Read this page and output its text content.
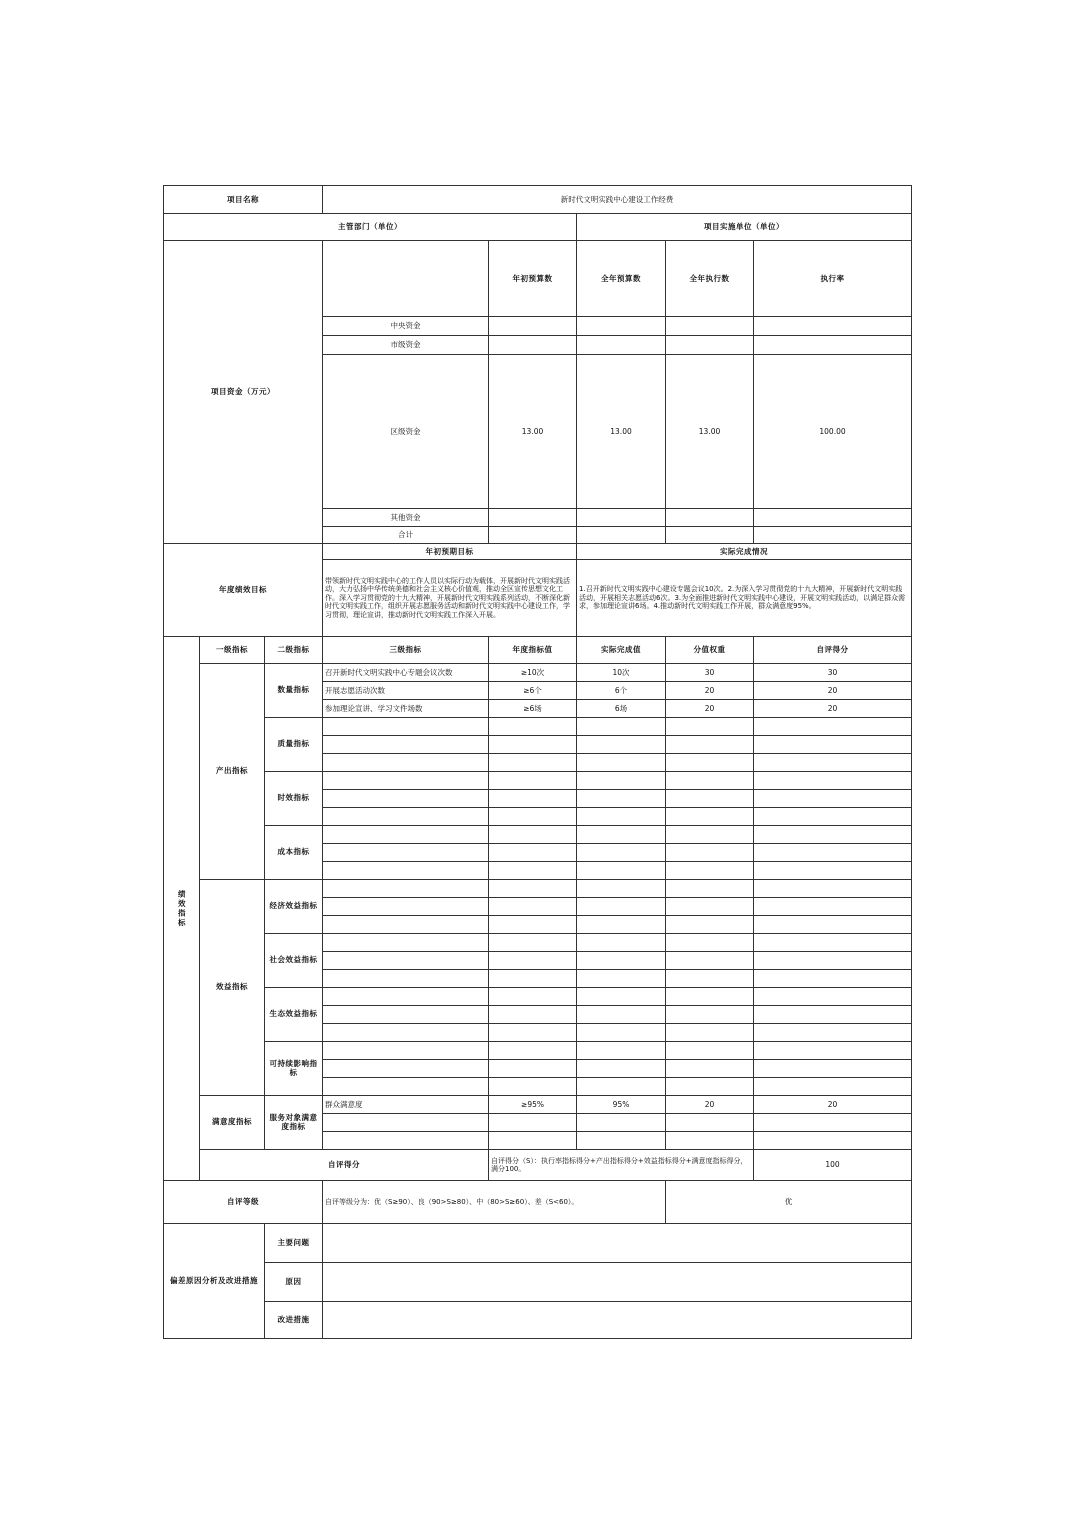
项目名称			新时代文明实践中心建设工作经费					
主管部门（单位）					项目实施单位（单位）			
项目资金（万元）				年初预算数	全年预算数	全年执行数	执行率	
			中央资金					
			市级资金					
			区级资金	13.00	13.00	13.00	100.00	
			其他资金					
			合计					
年度绩效目标			年初预期目标		实际完成情况			
			带领新时代文明实践中心的工作人员以实际行动为载体，开展新时代文明实践活动，大力弘扬中华传统美德和社会主义核心价值观，推动全区宣传思想文化工作。深入学习贯彻党的十九大精神，开展新时代文明实践系列活动，不断深化新时代文明实践工作，组织开展志愿服务活动和新时代文明实践中心建设工作，学习贯彻，理论宣讲，推动新时代文明实践工作深入开展。		1.召开新时代文明实践中心建设专题会议10次。2.为深入学习贯彻党的十九大精神，开展新时代文明实践活动，开展相关志愿活动6次。3.为全面推进新时代文明实践中心建设，开展文明实践活动，以满足群众需求，参加理论宣讲6场。4.推动新时代文明实践工作开展，群众满意度95%。			

绩效指标	一级指标	二级指标	三级指标	年度指标值	实际完成值	分值权重	自评得分	

	产出指标	数量指标	召开新时代文明实践中心专题会议次数	≥10次	10次	30	30	
			开展志愿活动次数	≥6个	6个	20	20	
			参加理论宣讲、学习文件场数	≥6场	6场	20	20	

		质量指标						

		时效指标						

		成本指标						

	效益指标	经济效益指标						

		社会效益指标						

		生态效益指标						

		可持续影响指标						

	满意度指标	服务对象满意度指标	群众满意度	≥95%	95%	20	20	

	自评得分			自评得分（S）：执行率指标得分+产出指标得分+效益指标得分+满意度指标得分，满分100。			100	
自评等级			自评等级分为：优（S≥90）、良（90>S≥80）、中（80>S≥60）、差（S<60）。			优		

偏差原因分析及改进措施		主要问题						
		原因						
		改进措施						
